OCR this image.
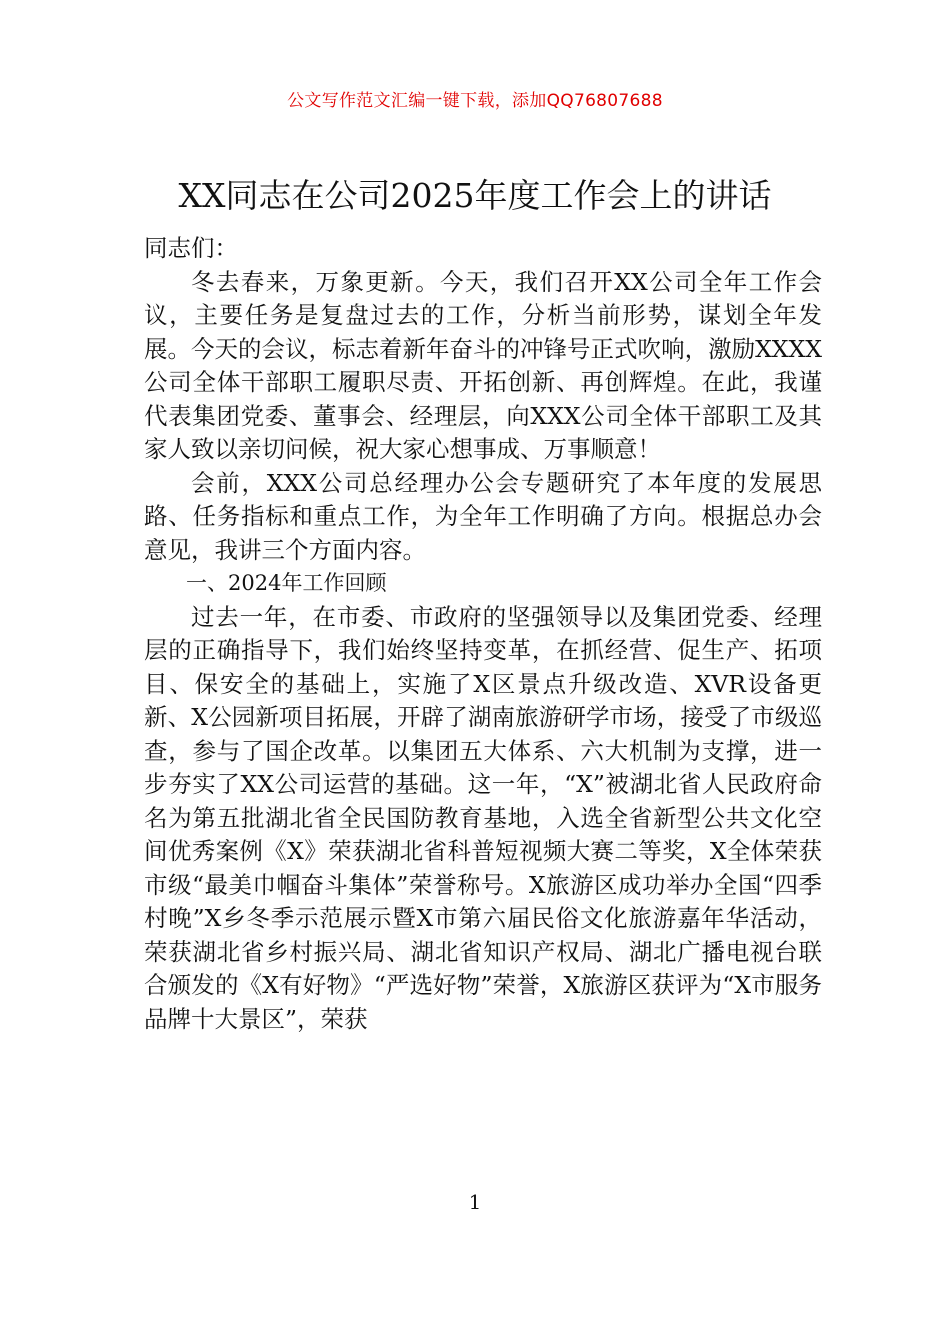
公文写作范文汇编一键下载，添加QQ76807688
XX同志在公司2025年度工作会上的讲话

同志们：

冬去春来，万象更新。今天，我们召开XX公司全年工作会议，主要任务是复盘过去的工作，分析当前形势，谋划全年发展。今天的会议，标志着新年奋斗的冲锋号正式吹响，激励XXXX公司全体干部职工履职尽责、开拓创新、再创辉煌。在此，我谨代表集团党委、董事会、经理层，向XXX公司全体干部职工及其家人致以亲切问候，祝大家心想事成、万事顺意！

会前，XXX公司总经理办公会专题研究了本年度的发展思路、任务指标和重点工作，为全年工作明确了方向。根据总办会意见，我讲三个方面内容。

一、2024年工作回顾

过去一年，在市委、市政府的坚强领导以及集团党委、经理层的正确指导下，我们始终坚持变革，在抓经营、促生产、拓项目、保安全的基础上，实施了X区景点升级改造、XVR设备更新、X公园新项目拓展，开辟了湖南旅游研学市场，接受了市级巡查，参与了国企改革。以集团五大体系、六大机制为支撑，进一步夯实了XX公司运营的基础。这一年，“X”被湖北省人民政府命名为第五批湖北省全民国防教育基地，入选全省新型公共文化空间优秀案例《X》荣获湖北省科普短视频大赛二等奖，X全体荣获市级“最美巾帼奋斗集体”荣誉称号。X旅游区成功举办全国“四季村晚”X乡冬季示范展示暨X市第六届民俗文化旅游嘉年华活动，荣获湖北省乡村振兴局、湖北省知识产权局、湖北广播电视台联合颁发的《X有好物》“严选好物”荣誉，X旅游区获评为“X市服务品牌十大景区”，荣获

1
